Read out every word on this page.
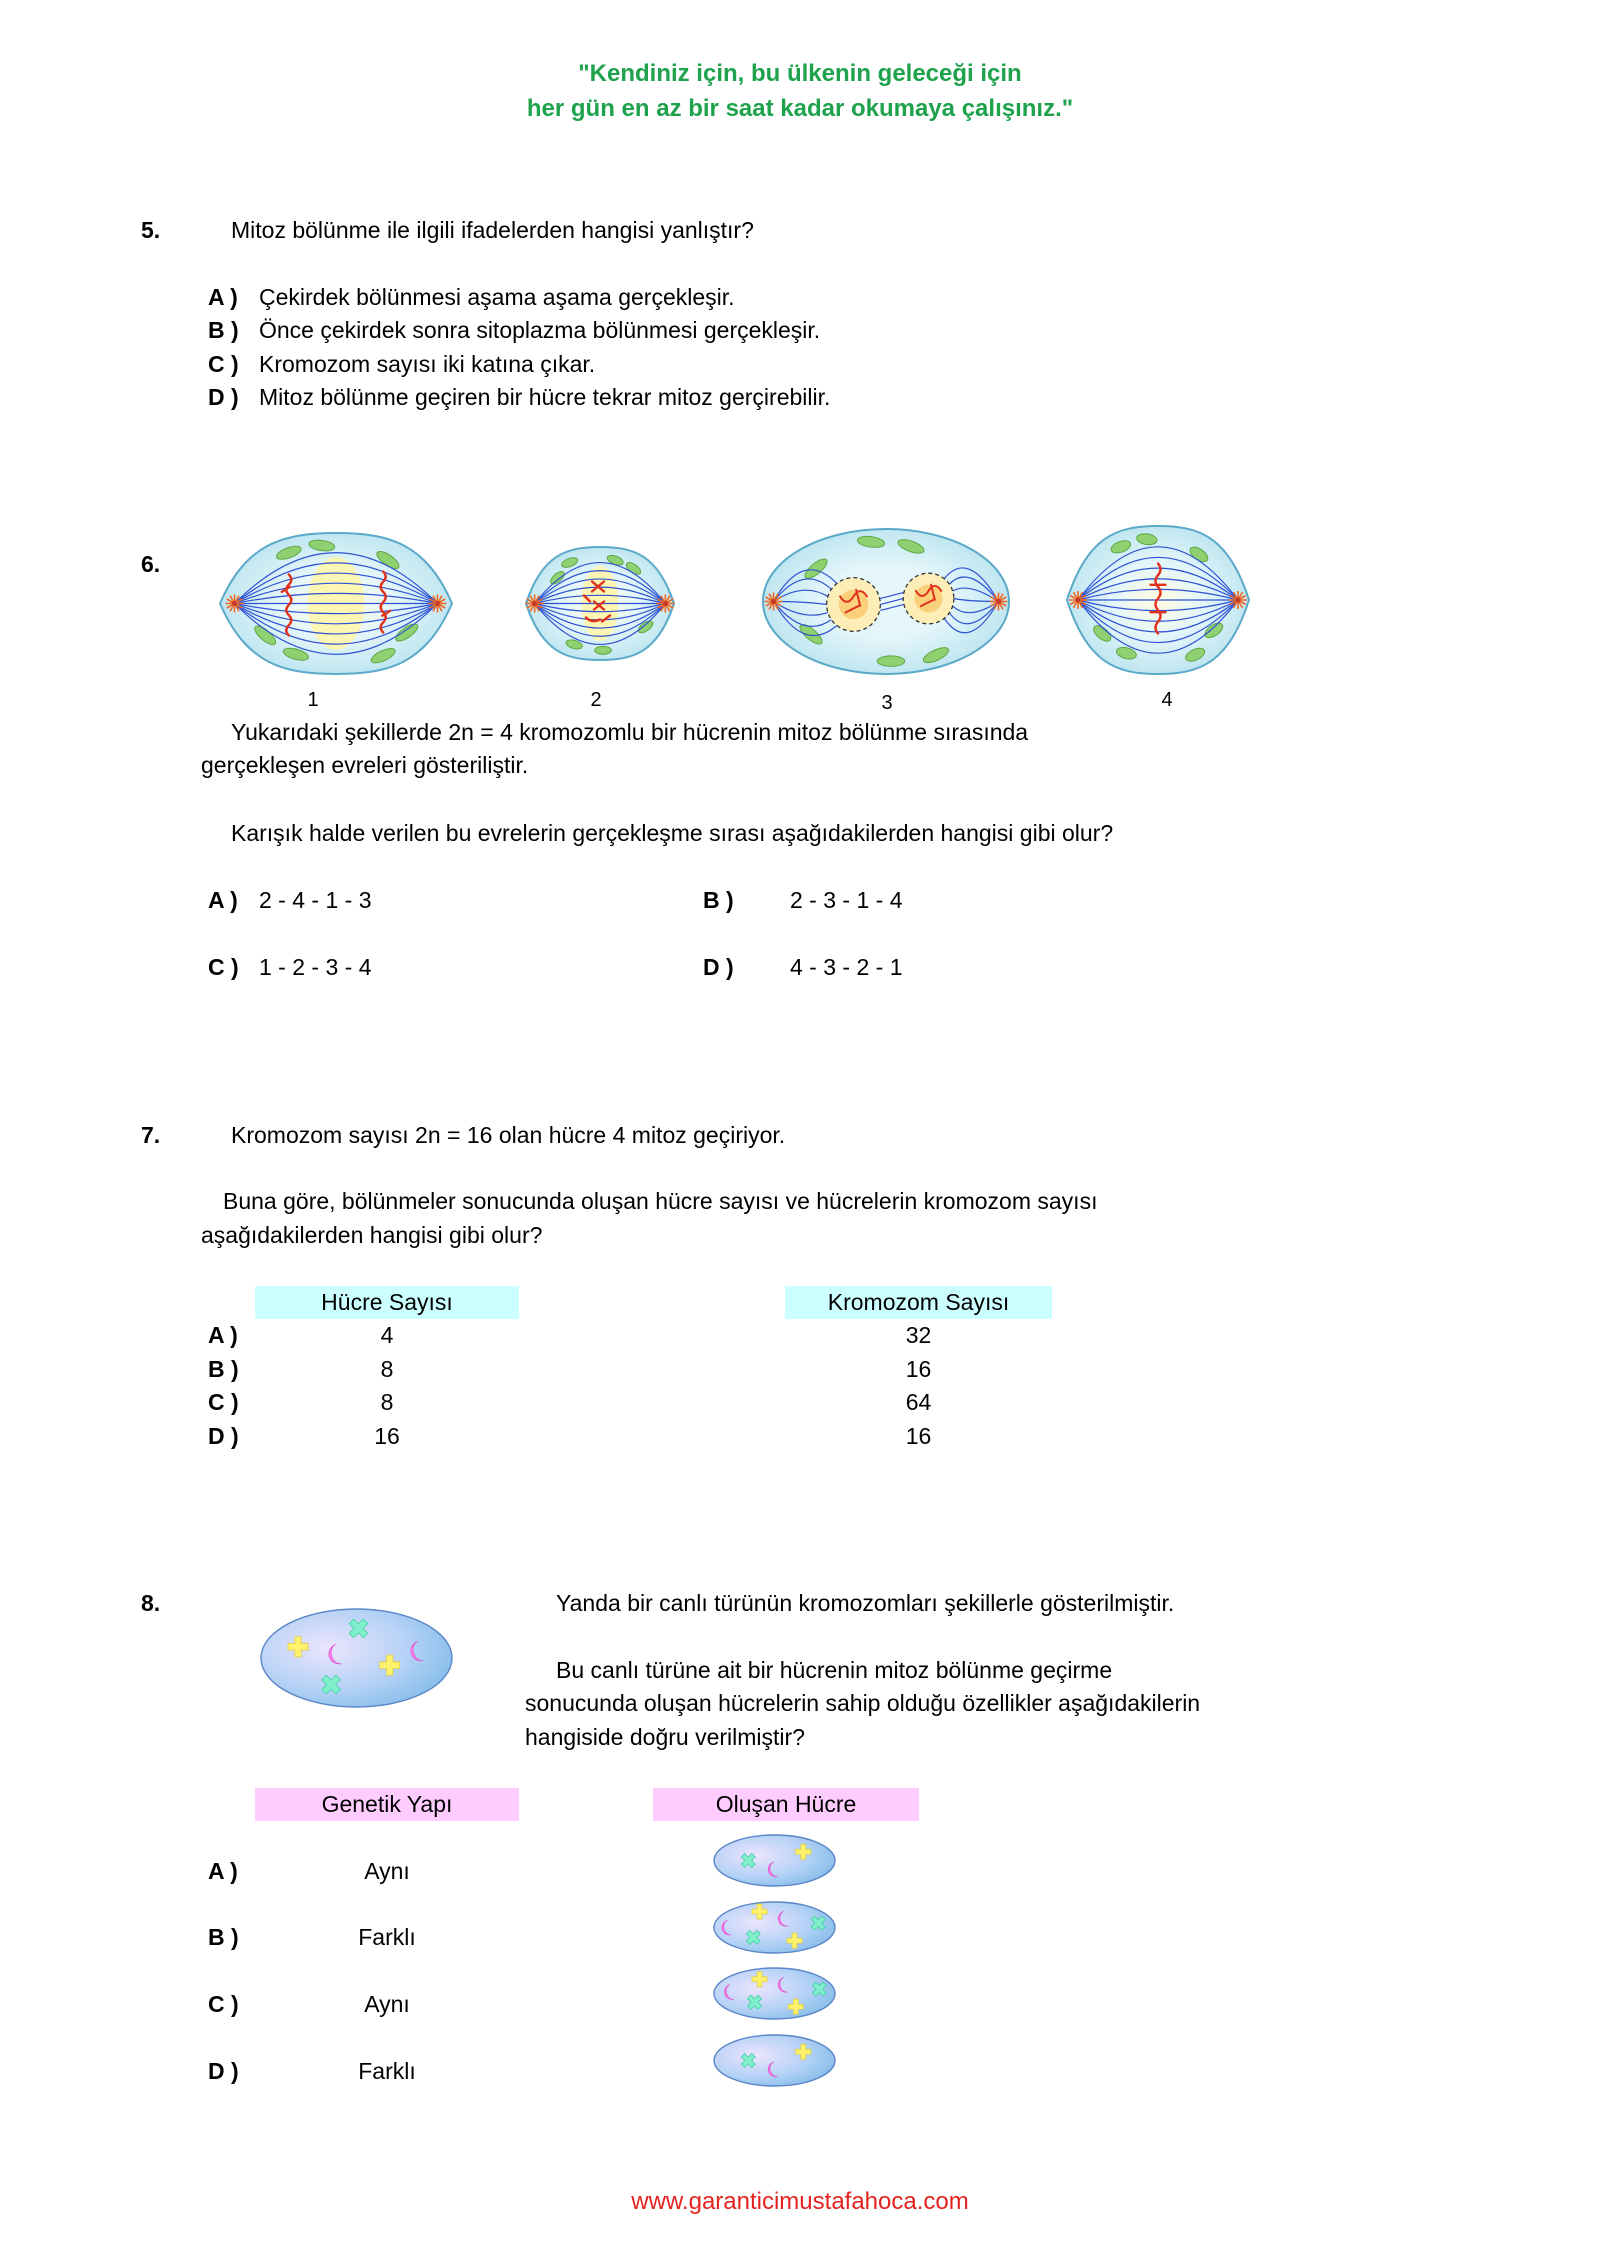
"Kendiniz için, bu ülkenin geleceği için
her gün en az bir saat kadar okumaya çalışınız."
5.	Mitoz bölünme ile ilgili ifadelerden hangisi yanlıştır?
A ) Çekirdek bölünmesi aşama aşama gerçekleşir.
B ) Önce çekirdek sonra sitoplazma bölünmesi gerçekleşir.
C ) Kromozom sayısı iki katına çıkar.
D ) Mitoz bölünme geçiren bir hücre tekrar mitoz gerçirebilir.
6.
1	2	3	4
Yukarıdaki şekillerde 2n = 4 kromozomlu bir hücrenin mitoz bölünme sırasında
gerçekleşen evreleri gösteriliştir.
Karışık halde verilen bu evrelerin gerçekleşme sırası aşağıdakilerden hangisi gibi olur?
A ) 2 - 4 - 1 - 3	B ) 2 - 3 - 1 - 4
C ) 1 - 2 - 3 - 4	D ) 4 - 3 - 2 - 1
7.	Kromozom sayısı 2n = 16 olan hücre 4 mitoz geçiriyor.
Buna göre, bölünmeler sonucunda oluşan hücre sayısı ve hücrelerin kromozom sayısı
aşağıdakilerden hangisi gibi olur?
Hücre Sayısı	Kromozom Sayısı
A )	4	32
B )	8	16
C )	8	64
D )	16	16
8.	Yanda bir canlı türünün kromozomları şekillerle gösterilmiştir.
Bu canlı türüne ait bir hücrenin mitoz bölünme geçirme
sonucunda oluşan hücrelerin sahip olduğu özellikler aşağıdakilerin
hangiside doğru verilmiştir?
Genetik Yapı	Oluşan Hücre
A )	Aynı
B )	Farklı
C )	Aynı
D )	Farklı
www.garanticimustafahoca.com
